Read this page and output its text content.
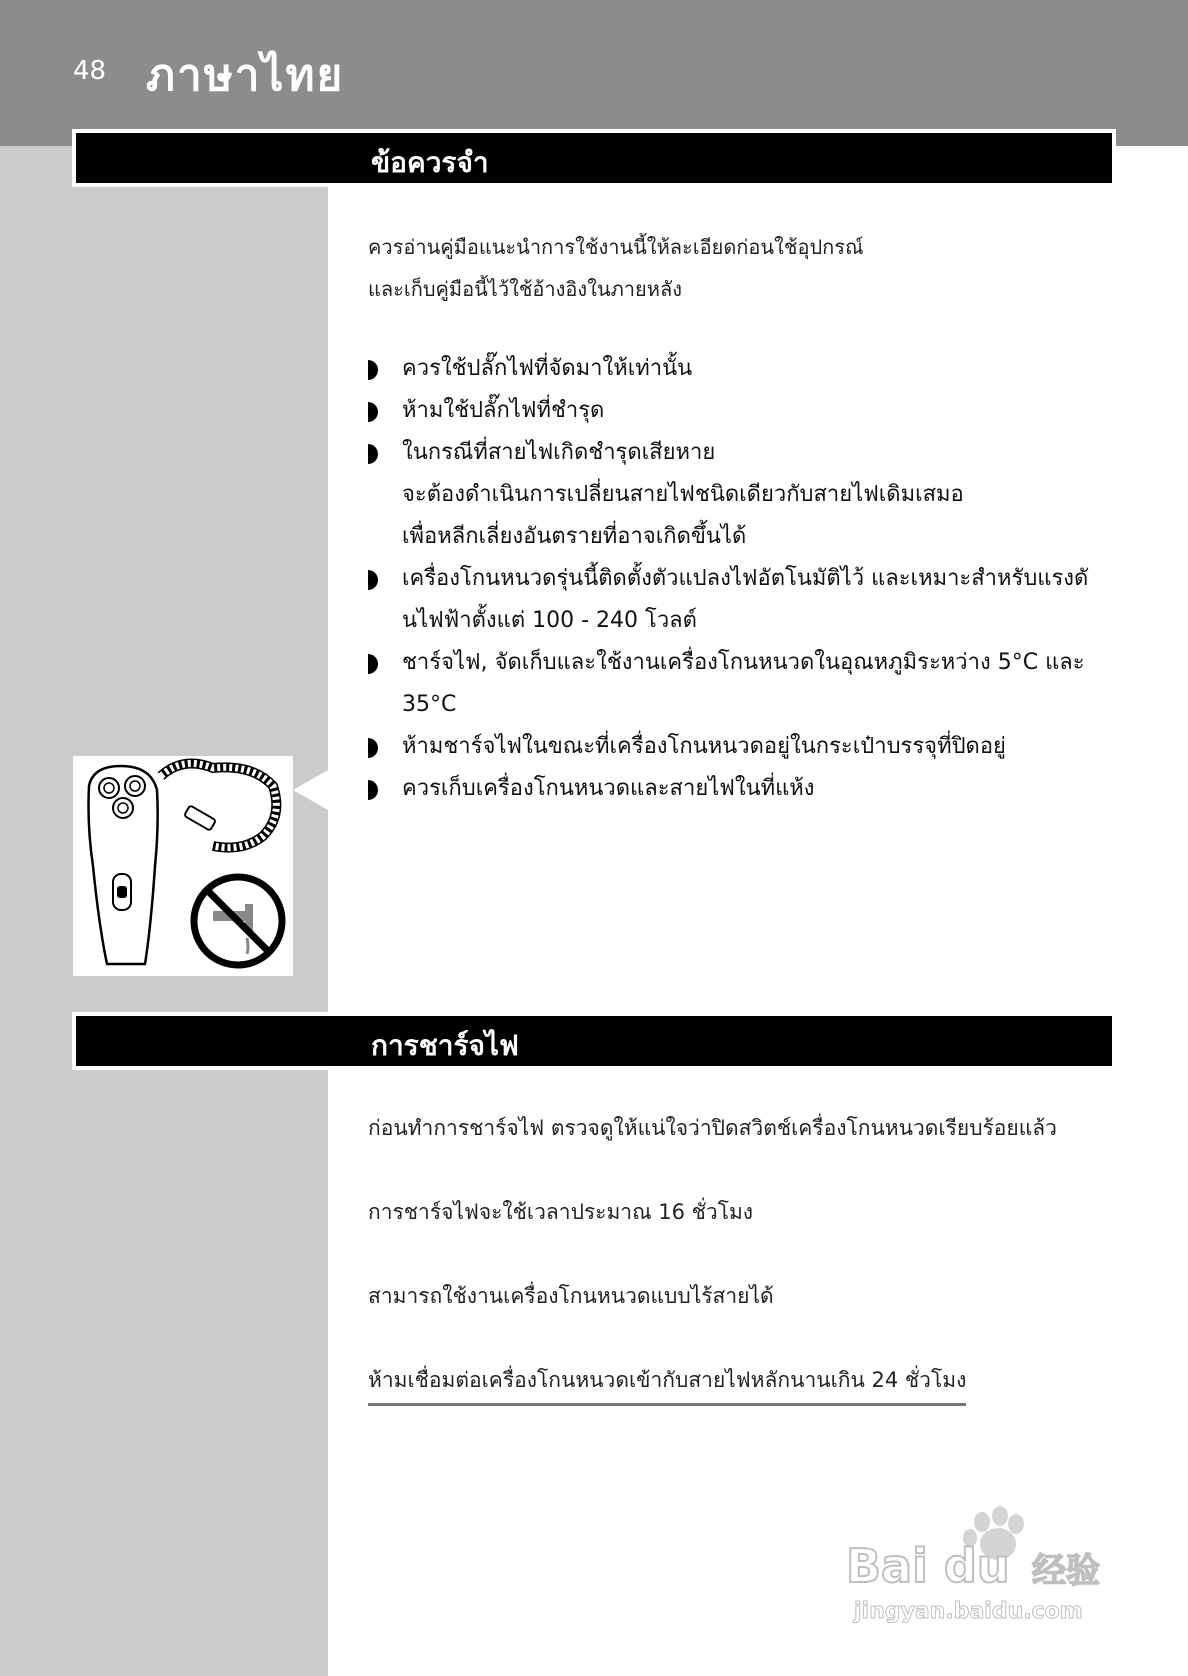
48 ภาษาไทย
ข้อควรจำ
ควรอ่านคู่มือแนะนำการใช้งานนี้ให้ละเอียดก่อนใช้อุปกรณ์
และเก็บคู่มือนี้ไว้ใช้อ้างอิงในภายหลัง
ควรใช้ปลั๊กไฟที่จัดมาให้เท่านั้น
ห้ามใช้ปลั๊กไฟที่ชำรุด
ในกรณีที่สายไฟเกิดชำรุดเสียหาย
จะต้องดำเนินการเปลี่ยนสายไฟชนิดเดียวกับสายไฟเดิมเสมอ
เพื่อหลีกเลี่ยงอันตรายที่อาจเกิดขึ้นได้
เครื่องโกนหนวดรุ่นนี้ติดตั้งตัวแปลงไฟอัตโนมัติไว้ และเหมาะสำหรับแรงดั
นไฟฟ้าตั้งแต่ 100 - 240 โวลต์
ชาร์จไฟ, จัดเก็บและใช้งานเครื่องโกนหนวดในอุณหภูมิระหว่าง 5°C และ
35°C
ห้ามชาร์จไฟในขณะที่เครื่องโกนหนวดอยู่ในกระเป๋าบรรจุที่ปิดอยู่
ควรเก็บเครื่องโกนหนวดและสายไฟในที่แห้ง
การชาร์จไฟ
ก่อนทำการชาร์จไฟ ตรวจดูให้แน่ใจว่าปิดสวิตช์เครื่องโกนหนวดเรียบร้อยแล้ว
การชาร์จไฟจะใช้เวลาประมาณ 16 ชั่วโมง
สามารถใช้งานเครื่องโกนหนวดแบบไร้สายได้
ห้ามเชื่อมต่อเครื่องโกนหนวดเข้ากับสายไฟหลักนานเกิน 24 ชั่วโมง
Bai du 经验
jingyan.baidu.com
